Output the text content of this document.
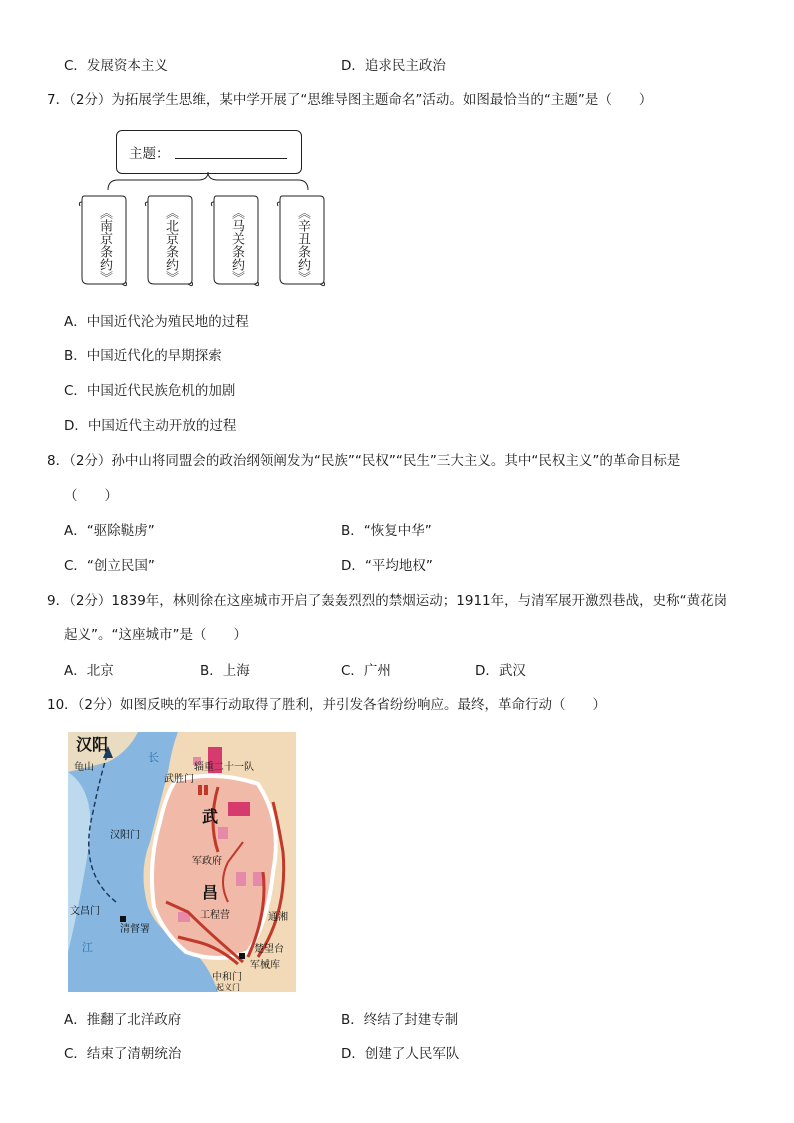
C．发展资本主义	D．追求民主政治
7．（2分）为拓展学生思维，某中学开展了“思维导图主题命名”活动。如图最恰当的“主题”是（　　）
主题：
《南京条约》	《北京条约》	《马关条约》	《辛丑条约》
A．中国近代沦为殖民地的过程
B．中国近代化的早期探索
C．中国近代民族危机的加剧
D．中国近代主动开放的过程
8．（2分）孙中山将同盟会的政治纲领阐发为“民族”“民权”“民生”三大主义。其中“民权主义”的革命目标是
（　　）
A．“驱除鞑虏”	B．“恢复中华”
C．“创立民国”	D．“平均地权”
9．（2分）1839年，林则徐在这座城市开启了轰轰烈烈的禁烟运动；1911年，与清军展开激烈巷战，史称“黄花岗
起义”。“这座城市”是（　　）
A．北京	B．上海	C．广州	D．武汉
10．（2分）如图反映的军事行动取得了胜利，并引发各省纷纷响应。最终，革命行动（　　）
汉阳
龟山
长
江
辎重二十一队
武胜门
武
汉阳门
军政府
昌
文昌门
清督署
工程营	通湘
楚望台
军械库
中和门
起义门
A．推翻了北洋政府	B．终结了封建专制
C．结束了清朝统治	D．创建了人民军队
